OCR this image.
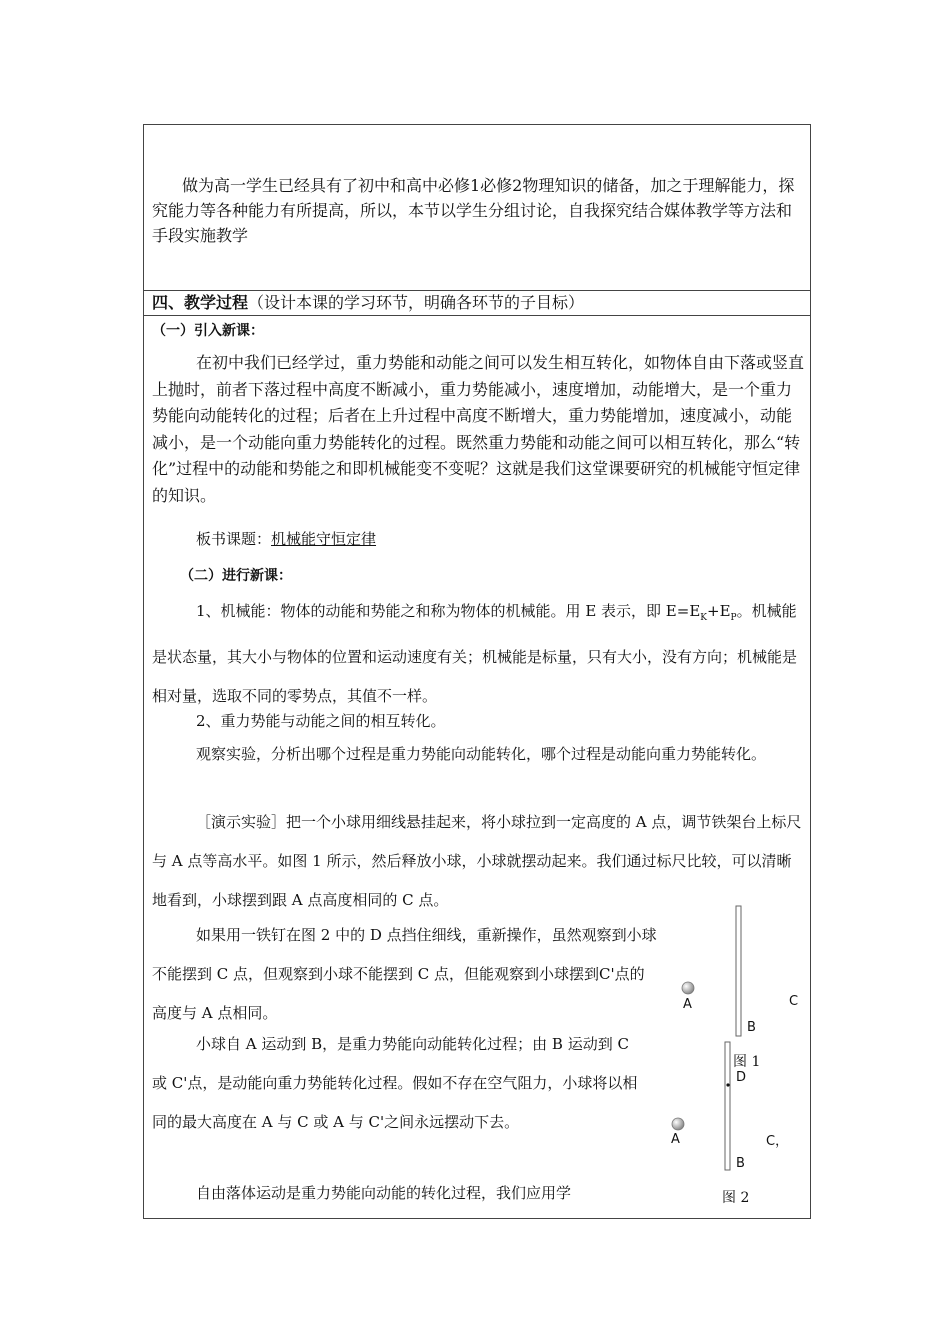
做为高一学生已经具有了初中和高中必修1必修2物理知识的储备，加之于理解能力，探究能力等各种能力有所提高，所以，本节以学生分组讨论，自我探究结合媒体教学等方法和手段实施教学
四、教学过程（设计本课的学习环节，明确各环节的子目标）
（一）引入新课：
在初中我们已经学过，重力势能和动能之间可以发生相互转化，如物体自由下落或竖直上抛时，前者下落过程中高度不断减小，重力势能减小，速度增加，动能增大，是一个重力势能向动能转化的过程；后者在上升过程中高度不断增大，重力势能增加，速度减小，动能减小，是一个动能向重力势能转化的过程。既然重力势能和动能之间可以相互转化，那么“转化”过程中的动能和势能之和即机械能变不变呢？这就是我们这堂课要研究的机械能守恒定律的知识。
板书课题：机械能守恒定律
（二）进行新课：
1、机械能：物体的动能和势能之和称为物体的机械能。用 E 表示，即 $E=E_K+E_P$。机械能是状态量，其大小与物体的位置和运动速度有关；机械能是标量，只有大小，没有方向；机械能是相对量，选取不同的零势点，其值不一样。
2、重力势能与动能之间的相互转化。
观察实验，分析出哪个过程是重力势能向动能转化，哪个过程是动能向重力势能转化。
［演示实验］把一个小球用细线悬挂起来，将小球拉到一定高度的 A 点，调节铁架台上标尺与 A 点等高水平。如图 1 所示，然后释放小球，小球就摆动起来。我们通过标尺比较，可以清晰地看到，小球摆到跟 A 点高度相同的 C 点。
如果用一铁钉在图 2 中的 D 点挡住细线，重新操作，虽然观察到小球不能摆到 C 点，但观察到小球不能摆到 C 点，但能观察到小球摆到C'点的高度与 A 点相同。
小球自 A 运动到 B，是重力势能向动能转化过程；由 B 运动到 C 或 C'点，是动能向重力势能转化过程。假如不存在空气阻力，小球将以相同的最大高度在 A 与 C 或 A 与 C'之间永远摆动下去。
自由落体运动是重力势能向动能的转化过程，我们应用学
A	C
B
图 1
D
A	C，
B
图 2
